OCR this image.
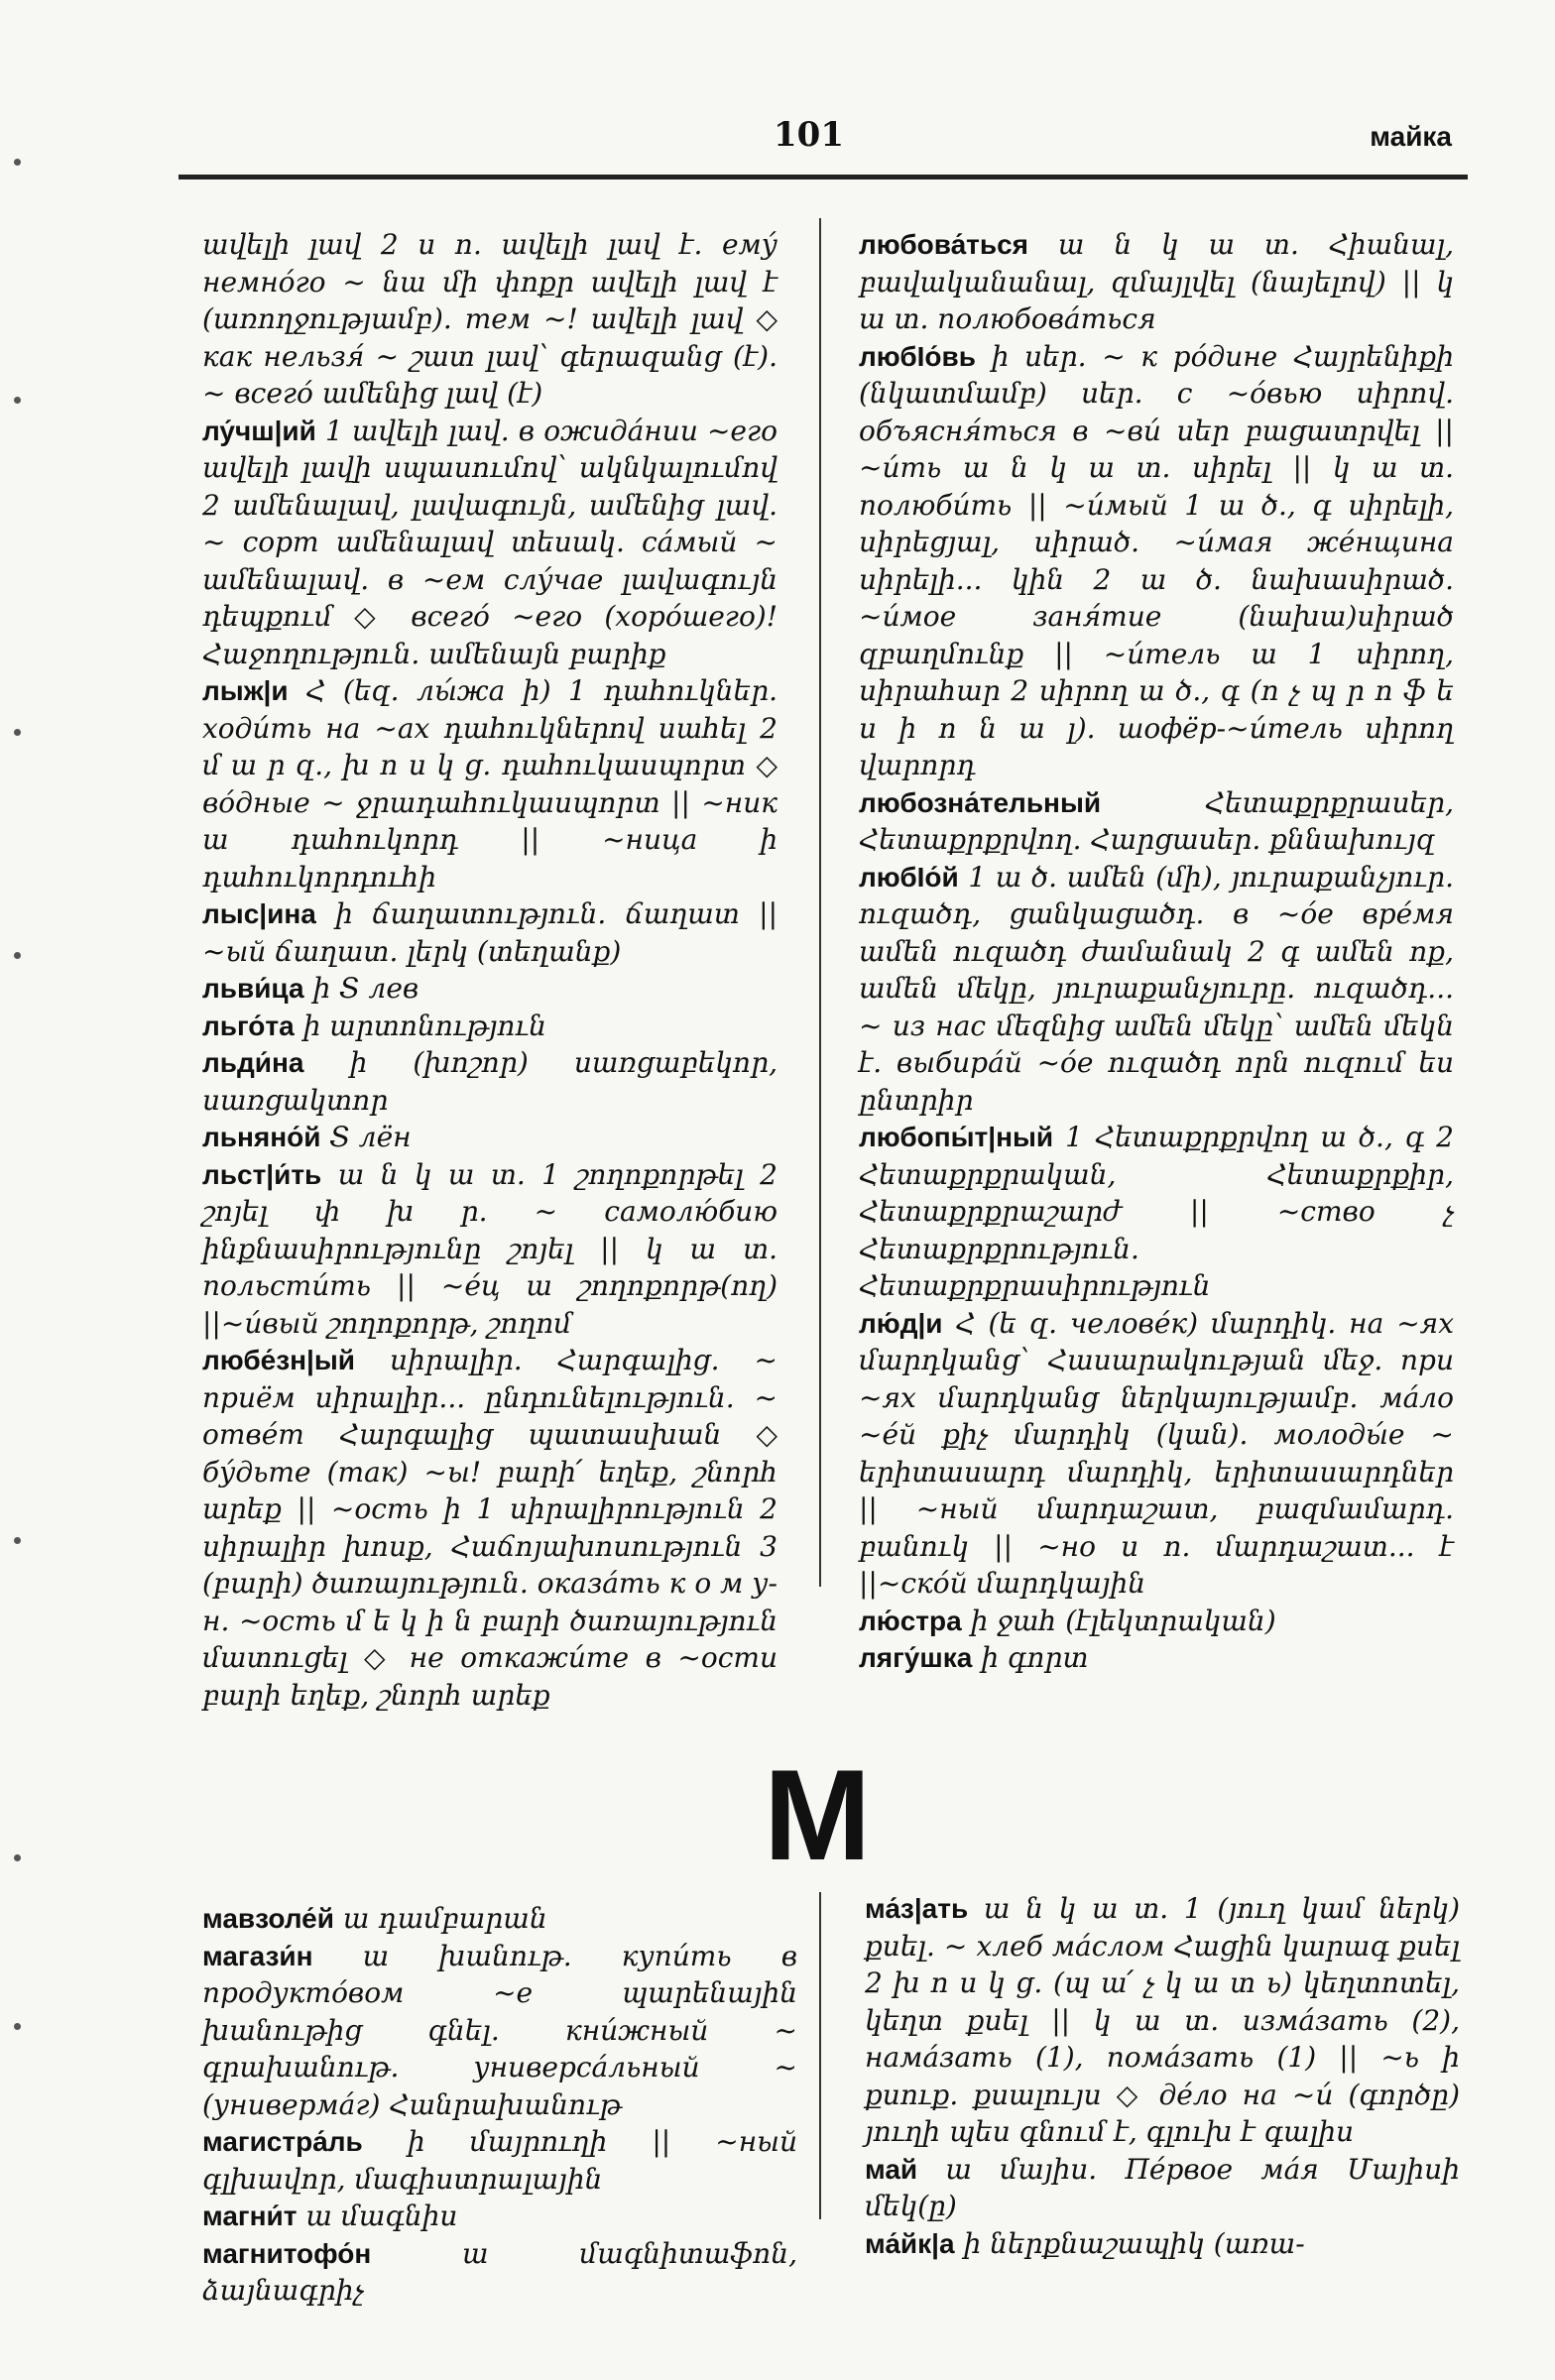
101	майка
ավելի լավ 2 ս ո. ավելի լավ է. ему́ немно́го ~ նա մի փոքր ավելի լավ է (առողջությամբ). тем ~! ավելի լավ ◇ как нельзя́ ~ շատ լավ՝ գերազանց (է). ~ всего́ ամենից լավ (է)
лу́чш|ий 1 ավելի լավ. в ожида́нии ~его ավելի լավի սպասումով՝ ակնկալումով 2 ամենալավ, լավագույն, ամենից լավ. ~ сорт ամենալավ տեսակ. са́мый ~ ամենալավ. в ~ем слу́чае լավագույն դեպքում ◇ всего́ ~его (хоро́шего)! Հաջողություն. ամենայն բարիք
лыж|и Հ (եզ. лы́жа ի) 1 դահուկներ. ходи́ть на ~ах դահուկներով սահել 2 մ ա ր զ., խ ո ս կ ց. դահուկասպորտ ◇ во́дные ~ ջրադահուկասպորտ || ~ник ա դահուկորդ || ~ница ի դահուկորդուհի
лыс|ина ի ճաղատություն. ճաղատ || ~ый ճաղատ. լերկ (տեղանք)
льви́ца ի Տ лев
льго́та ի արտոնություն
льди́на ի (խոշոր) սառցաբեկոր, սառցակտոր
льняно́й Տ лён
льст|и́ть ա ն կ ա տ. 1 շողոքորթել 2 շոյել փ խ ր. ~ самолю́бию ինքնասիրությունը շոյել || կ ա տ. польсти́ть || ~е́ц ա շողոքորթ(ող) ||~и́вый շողոքորթ, շողոմ
любе́зн|ый սիրալիր. Հարգալից. ~ приём սիրալիր... ընդունելություն. ~ отве́т Հարգալից պատասխան ◇ бу́дьте (так) ~ы! բարի՛ եղեք, շնորհ արեք || ~ость ի 1 սիրալիրություն 2 սիրալիր խոսք, Հաճոյախոսություն 3 (բարի) ծառայություն. оказа́ть к о м у-н. ~ость մ ե կ ի ն բարի ծառայություն մատուցել ◇ не откажи́те в ~ости բարի եղեք, շնորհ արեք
любова́ться ա ն կ ա տ. Հիանալ, բավականանալ, զմայլվել (նայելով) || կ ա տ. полюбова́ться
любІо́вь ի սեր. ~ к ро́дине Հայրենիքի (նկատմամբ) սեր. с ~о́вью սիրով. объясня́ться в ~ви́ սեր բացատրվել || ~и́ть ա ն կ ա տ. սիրել || կ ա տ. полюби́ть || ~и́мый 1 ա ծ., գ սիրելի, սիրեցյալ, սիրած. ~и́мая же́нщина սիրելի... կին 2 ա ծ. նախասիրած. ~и́мое заня́тие (նախա)սիրած զբաղմունք || ~и́тель ա 1 սիրող, սիրահար 2 սիրող ա ծ., գ (ո չ պ ր ո ֆ ե ս ի ո ն ա լ). шофёр-~и́тель սիրող վարորդ
любозна́тельный	Հետաքրքրասեր, Հետաքրքրվող. Հարցասեր. քննախույզ
любІо́й 1 ա ծ. ամեն (մի), յուրաքանչյուր. ուզածդ, ցանկացածդ. в ~о́е вре́мя ամեն ուզածդ ժամանակ 2 գ ամեն ոք, ամեն մեկը, յուրաքանչյուրը. ուզածդ... ~ из нас մեզնից ամեն մեկը՝ ամեն մեկն է. выбира́й ~о́е ուզածդ որն ուզում ես ընտրիր
любопы́т|ный 1 Հետաքրքրվող ա ծ., գ 2 Հետաքրքրական, Հետաքրքիր, Հետաքրքրաշարժ || ~ство չ Հետաքրքրություն. Հետաքրքրասիրություն
лю́д|и Հ (ե զ. челове́к) մարդիկ. на ~ях մարդկանց՝ Հասարակության մեջ. при ~ях մարդկանց ներկայությամբ. ма́ло ~е́й քիչ մարդիկ (կան). молоды́е ~ երիտասարդ մարդիկ, երիտասարդներ || ~ный մարդաշատ, բազմամարդ. բանուկ || ~но ս ո. մարդաշատ... է ||~ско́й մարդկային
лю́стра ի ջահ (էլեկտրական)
лягу́шка ի գորտ
М
мавзоле́й ա դամբարան
магази́н ա խանութ. купи́ть в продукто́вом ~е պարենային խանութից գնել. кни́жный ~ գրախանութ. универса́льный ~ (универма́г) Հանրախանութ
магистра́ль ի մայրուղի || ~ный գլխավոր, մագիստրալային
магни́т ա մագնիս
магнитофо́н	ա մագնիտաֆոն, ձայնագրիչ
ма́з|ать ա ն կ ա տ. 1 (յուղ կամ ներկ) քսել. ~ хлеб ма́слом Հացին կարագ քսել 2 խ ո ս կ ց. (պ ա՛ չ կ ա տ ь) կեղտոտել, կեղտ քսել || կ ա տ. изма́зать (2), нама́зать (1), пома́зать (1) || ~ь ի քսուք. քսալույս ◇ де́ло на ~и́ (գործը) յուղի պես գնում է, գլուխ է գալիս
май ա մայիս. Пе́рвое ма́я Մայիսի մեկ(ը)
ма́йк|а ի ներքնաշապիկ (առա-
